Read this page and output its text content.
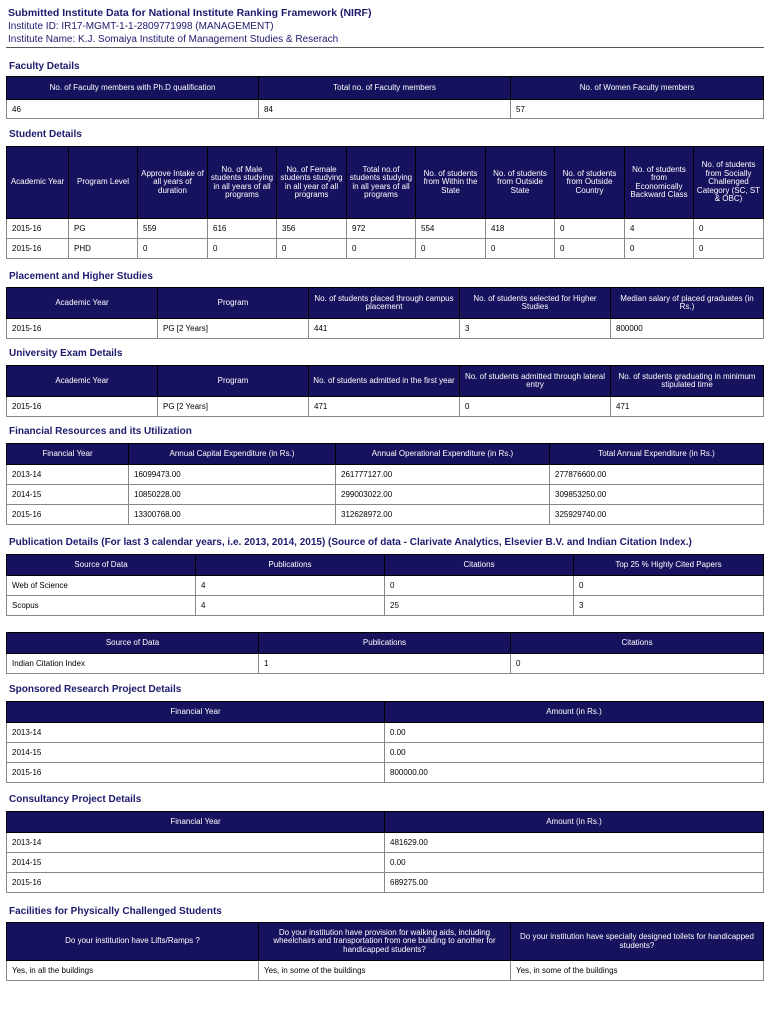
Submitted Institute Data for National Institute Ranking Framework (NIRF)
Institute ID: IR17-MGMT-1-1-2809771998 (MANAGEMENT)
Institute Name: K.J. Somaiya Institute of Management Studies & Reserach
Faculty Details
No. of Faculty members with Ph.D qualification	Total no. of Faculty members	No. of Women Faculty members
46	84	57
Student Details
Academic Year	Program Level	Approve Intake of all years of duration	No. of Male students studying in all years of all programs	No. of Female students studying in all year of all programs	Total no.of students studying in all years of all programs	No. of students from Within the State	No. of students from Outside State	No. of students from Outside Country	No. of students from Economically Backward Class	No. of students from Socially Challenged Category (SC, ST & OBC)
2015-16	PG	559	616	356	972	554	418	0	4	0
2015-16	PHD	0	0	0	0	0	0	0	0	0
Placement and Higher Studies
Academic Year	Program	No. of students placed through campus placement	No. of students selected for Higher Studies	Median salary of placed graduates (in Rs.)
2015-16	PG [2 Years]	441	3	800000
University Exam Details
Academic Year	Program	No. of students admitted in the first year	No. of students admitted through lateral entry	No. of students graduating in minimum stipulated time
2015-16	PG [2 Years]	471	0	471
Financial Resources and its Utilization
Financial Year	Annual Capital Expenditure (in Rs.)	Annual Operational Expenditure (in Rs.)	Total Annual Expenditure (in Rs.)
2013-14	16099473.00	261777127.00	277876600.00
2014-15	10850228.00	299003022.00	309853250.00
2015-16	13300768.00	312628972.00	325929740.00
Publication Details (For last 3 calendar years, i.e. 2013, 2014, 2015) (Source of data - Clarivate Analytics, Elsevier B.V. and Indian Citation Index.)
Source of Data	Publications	Citations	Top 25 % Highly Cited Papers
Web of Science	4	0	0
Scopus	4	25	3
Source of Data	Publications	Citations
Indian Citation Index	1	0
Sponsored Research Project Details
Financial Year	Amount (in Rs.)
2013-14	0.00
2014-15	0.00
2015-16	800000.00
Consultancy Project Details
Financial Year	Amount (in Rs.)
2013-14	481629.00
2014-15	0.00
2015-16	689275.00
Facilities for Physically Challenged Students
Do your institution have Lifts/Ramps ?	Do your institution have provision for walking aids, including wheelchairs and transportation from one building to another for handicapped students?	Do your institution have specially designed toilets for handicapped students?
Yes, in all the buildings	Yes, in some of the buildings	Yes, in some of the buildings
